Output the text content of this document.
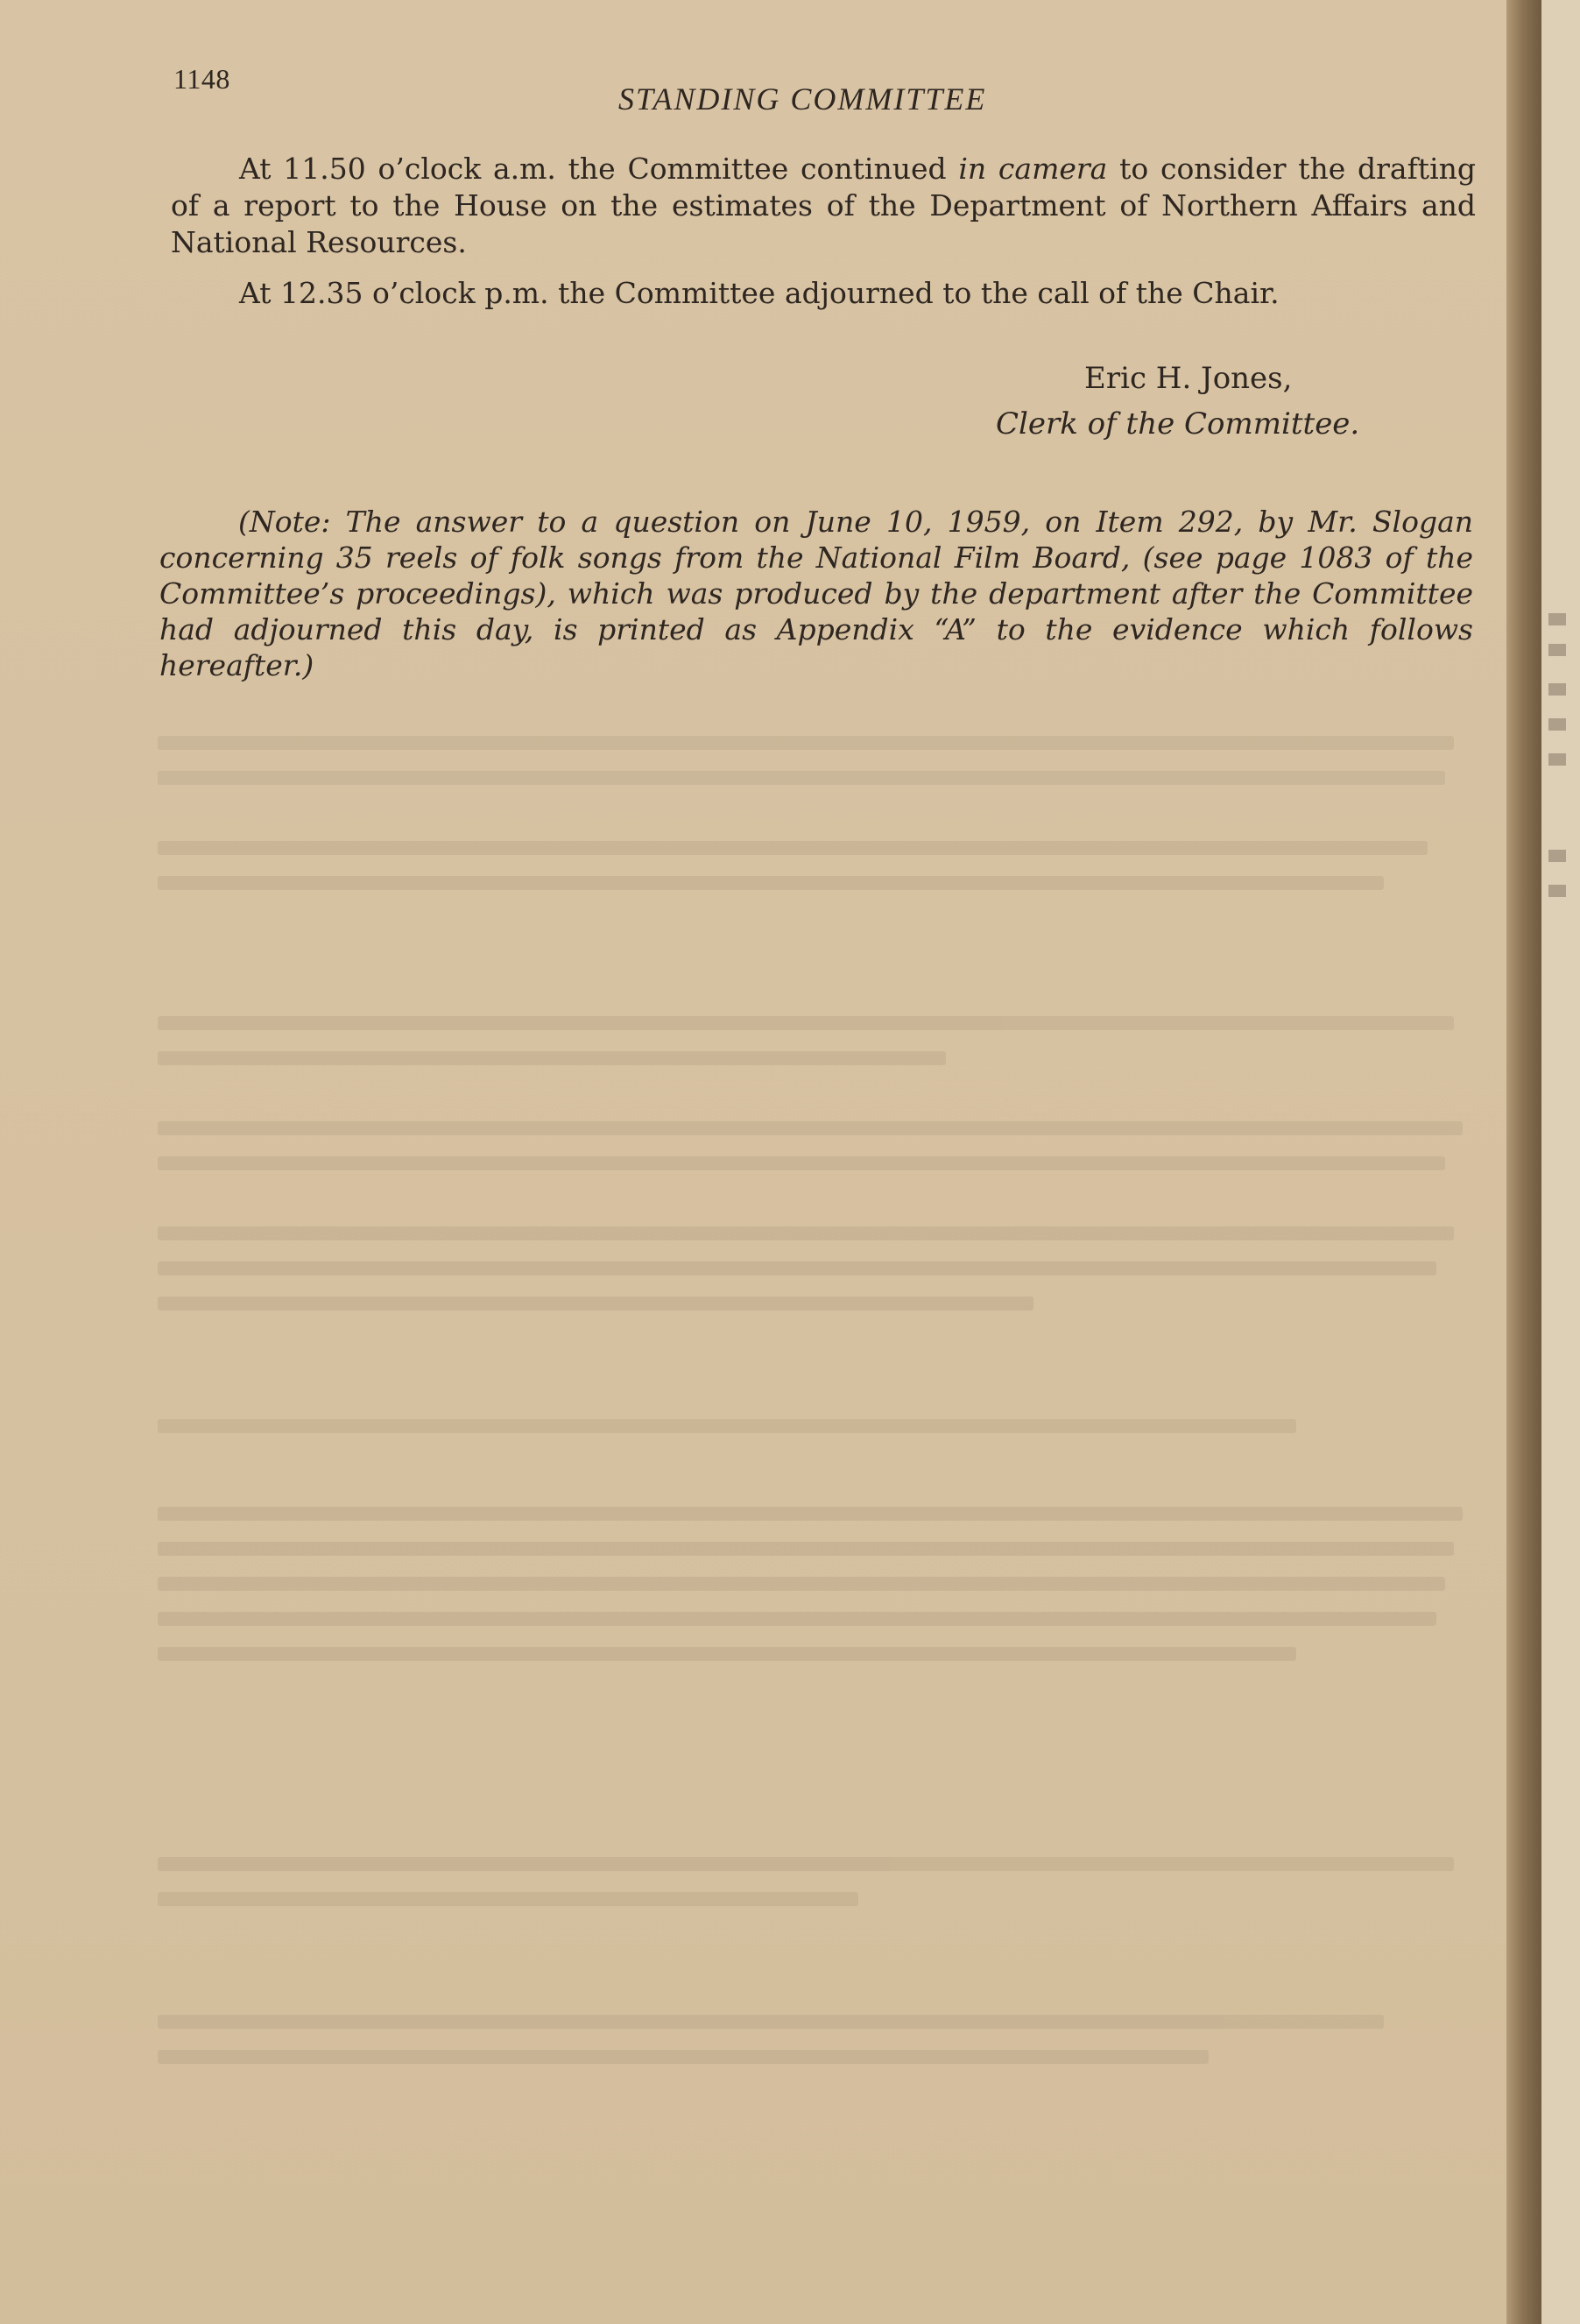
1148
STANDING COMMITTEE

At 11.50 o’clock a.m. the Committee continued in camera to consider the drafting of a report to the House on the estimates of the Department of Northern Affairs and National Resources.

At 12.35 o’clock p.m. the Committee adjourned to the call of the Chair.

Eric H. Jones,
Clerk of the Committee.

(Note: The answer to a question on June 10, 1959, on Item 292, by Mr. Slogan concerning 35 reels of folk songs from the National Film Board, (see page 1083 of the Committee’s proceedings), which was produced by the department after the Committee had adjourned this day, is printed as Appendix “A” to the evidence which follows hereafter.)
